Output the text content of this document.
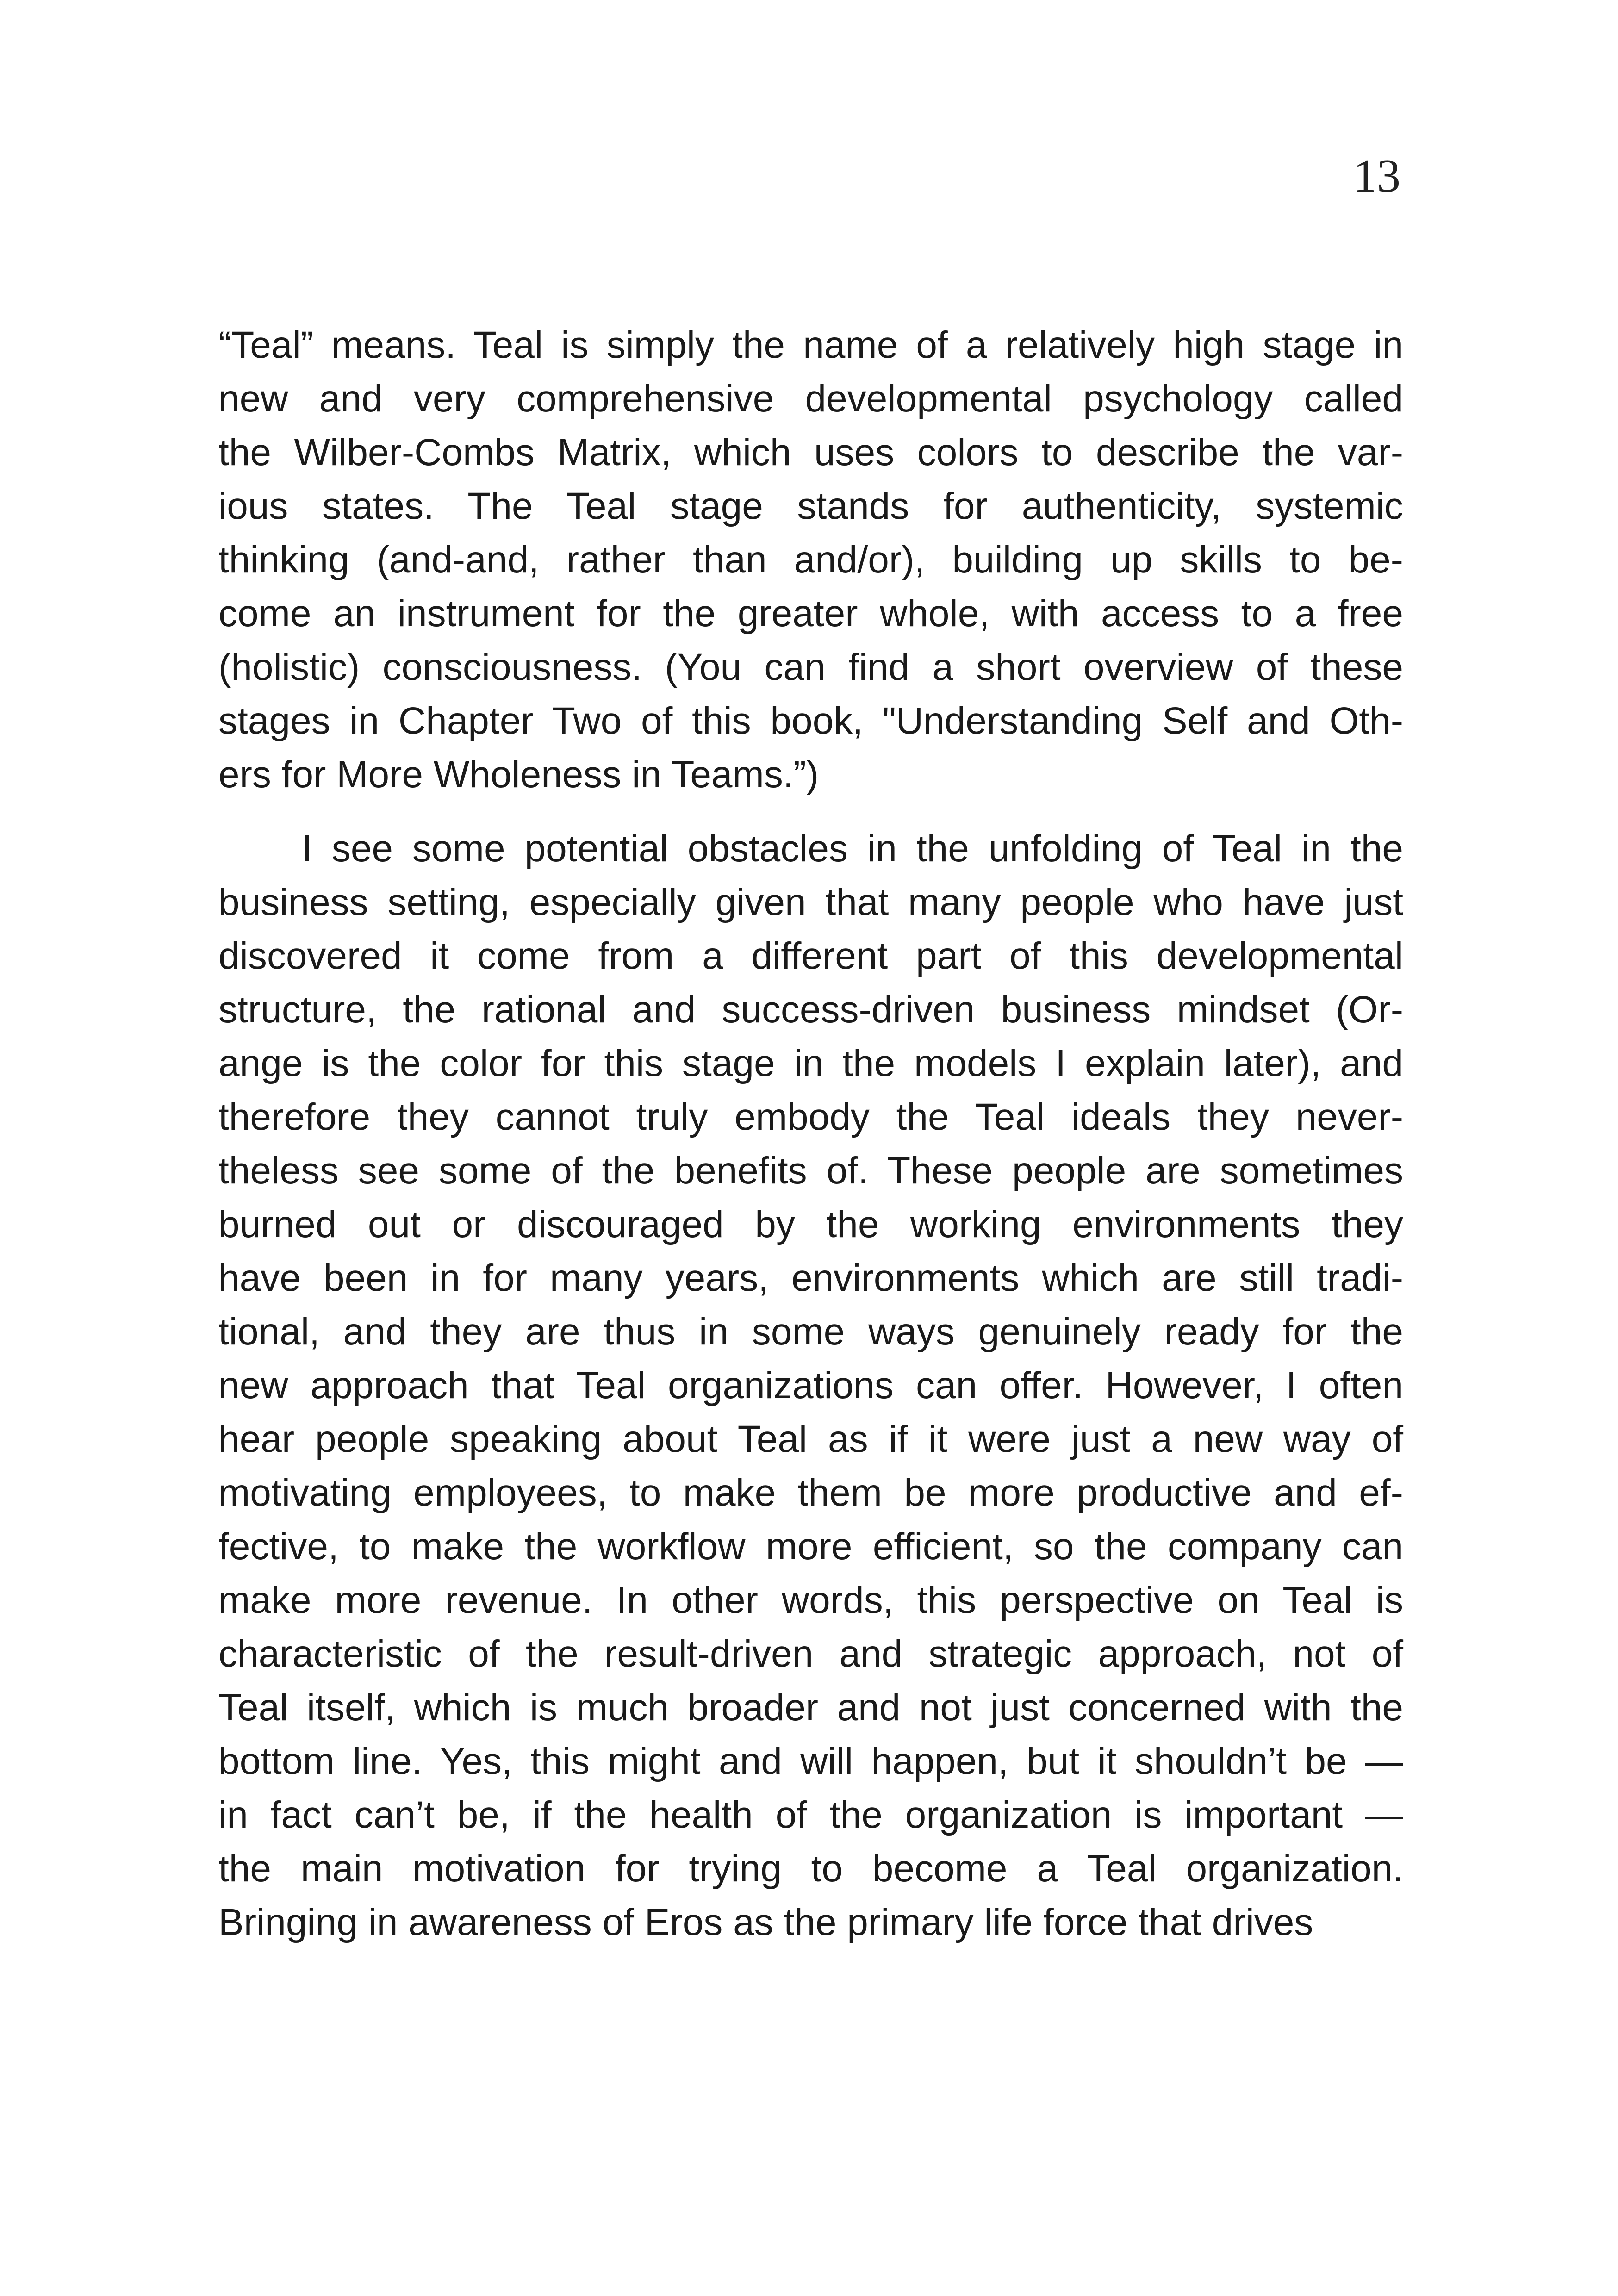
13
“Teal” means. Teal is simply the name of a relatively high stage in
new and very comprehensive developmental psychology called
the Wilber-Combs Matrix, which uses colors to describe the var-
ious states. The Teal stage stands for authenticity, systemic
thinking (and-and, rather than and/or), building up skills to be-
come an instrument for the greater whole, with access to a free
(holistic) consciousness. (You can find a short overview of these
stages in Chapter Two of this book, "Understanding Self and Oth-
ers for More Wholeness in Teams.”)
I see some potential obstacles in the unfolding of Teal in the
business setting, especially given that many people who have just
discovered it come from a different part of this developmental
structure, the rational and success-driven business mindset (Or-
ange is the color for this stage in the models I explain later), and
therefore they cannot truly embody the Teal ideals they never-
theless see some of the benefits of. These people are sometimes
burned out or discouraged by the working environments they
have been in for many years, environments which are still tradi-
tional, and they are thus in some ways genuinely ready for the
new approach that Teal organizations can offer. However, I often
hear people speaking about Teal as if it were just a new way of
motivating employees, to make them be more productive and ef-
fective, to make the workflow more efficient, so the company can
make more revenue. In other words, this perspective on Teal is
characteristic of the result-driven and strategic approach, not of
Teal itself, which is much broader and not just concerned with the
bottom line. Yes, this might and will happen, but it shouldn’t be —
in fact can’t be, if the health of the organization is important —
the main motivation for trying to become a Teal organization.
Bringing in awareness of Eros as the primary life force that drives
